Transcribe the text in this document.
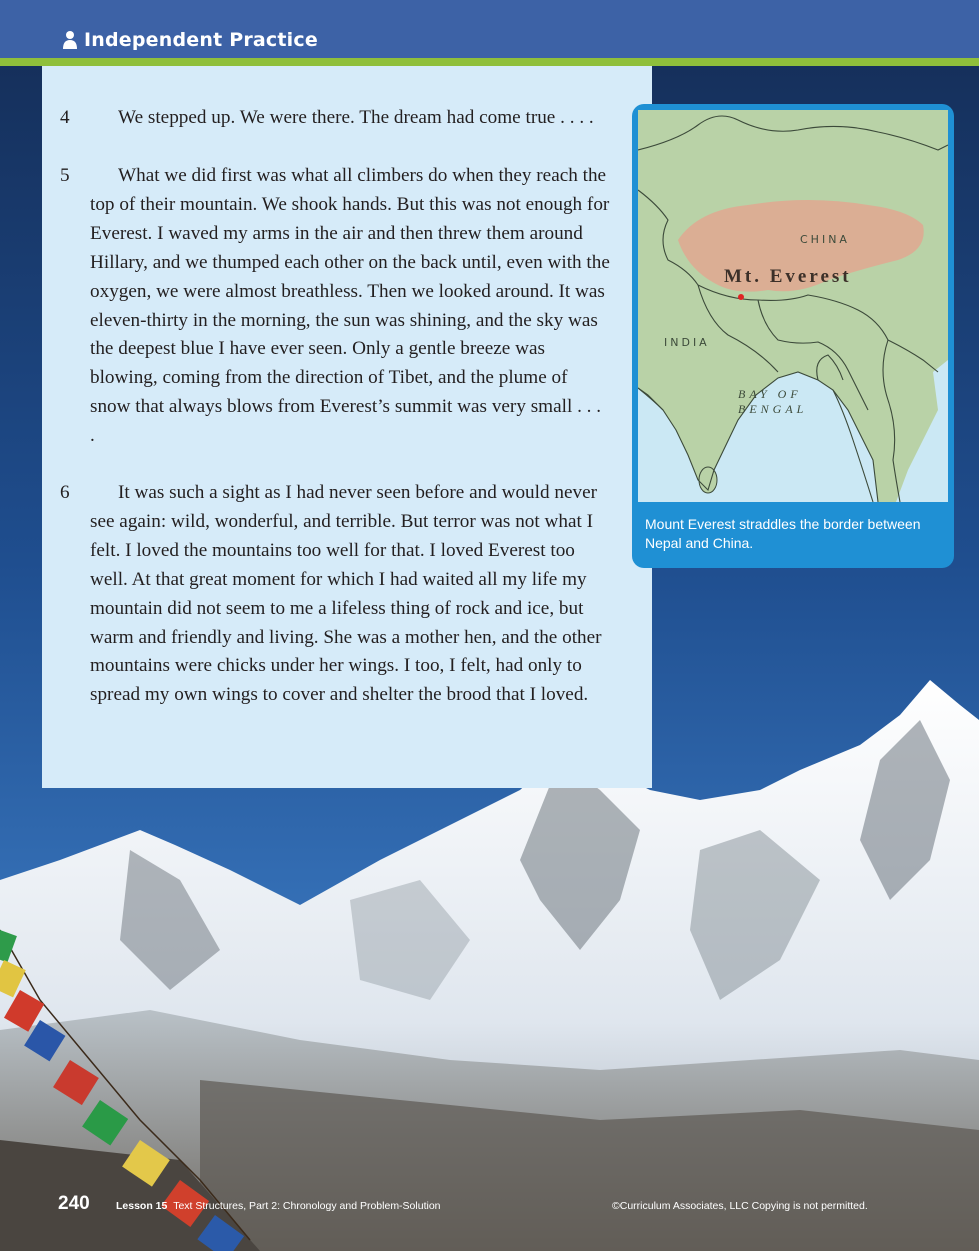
Independent Practice
4	We stepped up. We were there. The dream had come true . . . .

5	What we did first was what all climbers do when they reach the top of their mountain. We shook hands. But this was not enough for Everest. I waved my arms in the air and then threw them around Hillary, and we thumped each other on the back until, even with the oxygen, we were almost breathless. Then we looked around. It was eleven-thirty in the morning, the sun was shining, and the sky was the deepest blue I have ever seen. Only a gentle breeze was blowing, coming from the direction of Tibet, and the plume of snow that always blows from Everest’s summit was very small . . . .

6	It was such a sight as I had never seen before and would never see again: wild, wonderful, and terrible. But terror was not what I felt. I loved the mountains too well for that. I loved Everest too well. At that great moment for which I had waited all my life my mountain did not seem to me a lifeless thing of rock and ice, but warm and friendly and living. She was a mother hen, and the other mountains were chicks under her wings. I too, I felt, had only to spread my own wings to cover and shelter the brood that I loved.

CHINA
Mt. Everest
INDIA
BAY OF
BENGAL
Mount Everest straddles the border between Nepal and China.
240	Lesson 15 Text Structures, Part 2: Chronology and Problem-Solution	©Curriculum Associates, LLC Copying is not permitted.
